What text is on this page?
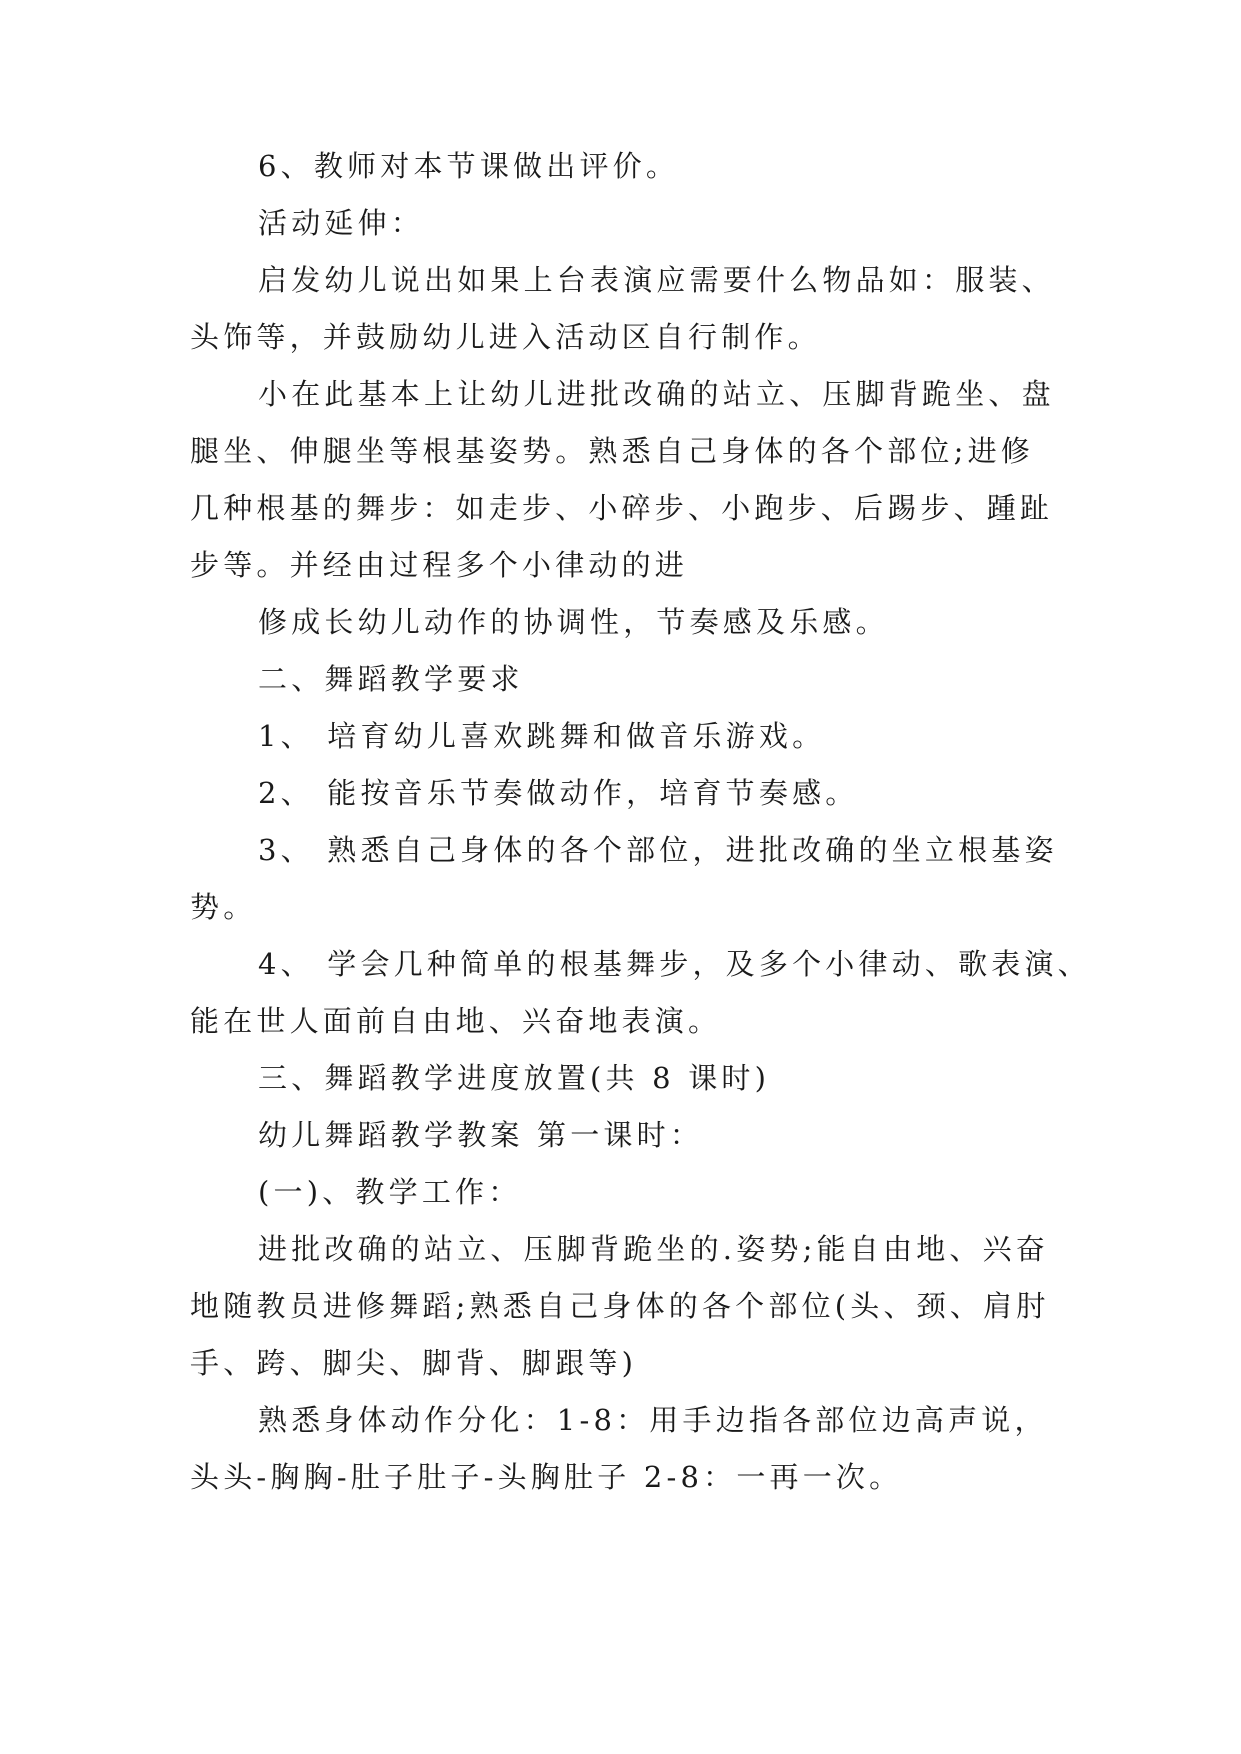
6、教师对本节课做出评价。
活动延伸：
启发幼儿说出如果上台表演应需要什么物品如：服装、
头饰等，并鼓励幼儿进入活动区自行制作。
小在此基本上让幼儿进批改确的站立、压脚背跪坐、盘
腿坐、伸腿坐等根基姿势。熟悉自己身体的各个部位;进修
几种根基的舞步：如走步、小碎步、小跑步、后踢步、踵趾
步等。并经由过程多个小律动的进
修成长幼儿动作的协调性，节奏感及乐感。
二、舞蹈教学要求
1、 培育幼儿喜欢跳舞和做音乐游戏。
2、 能按音乐节奏做动作，培育节奏感。
3、 熟悉自己身体的各个部位，进批改确的坐立根基姿
势。
4、 学会几种简单的根基舞步，及多个小律动、歌表演、
能在世人面前自由地、兴奋地表演。
三、舞蹈教学进度放置(共 8 课时)
幼儿舞蹈教学教案 第一课时：
(一)、教学工作：
进批改确的站立、压脚背跪坐的.姿势;能自由地、兴奋
地随教员进修舞蹈;熟悉自己身体的各个部位(头、颈、肩肘
手、跨、脚尖、脚背、脚跟等)
熟悉身体动作分化：1-8：用手边指各部位边高声说，
头头-胸胸-肚子肚子-头胸肚子 2-8：一再一次。
